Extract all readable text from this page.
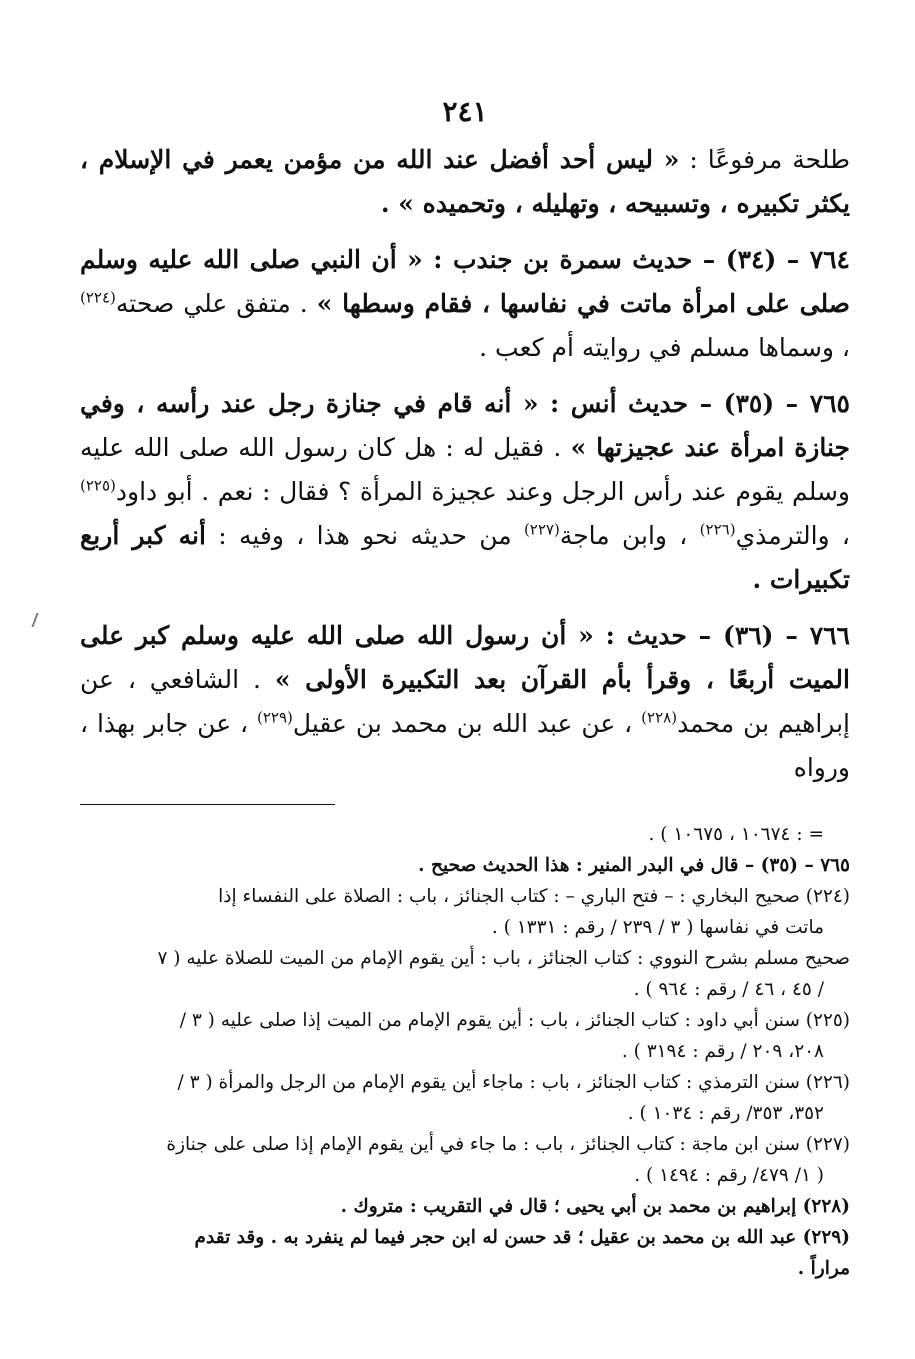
٢٤١

طلحة مرفوعًا : « ليس أحد أفضل عند الله من مؤمن يعمر في الإسلام ، يكثر تكبيره ، وتسبيحه ، وتهليله ، وتحميده » .

٧٦٤ – (٣٤) – حديث سمرة بن جندب : « أن النبي صلى الله عليه وسلم صلى على امرأة ماتت في نفاسها ، فقام وسطها » . متفق علي صحته$^{(٢٢٤)}$ ، وسماها مسلم في روايته أم كعب .

٧٦٥ – (٣٥) – حديث أنس : « أنه قام في جنازة رجل عند رأسه ، وفي جنازة امرأة عند عجيزتها » . فقيل له : هل كان رسول الله صلى الله عليه وسلم يقوم عند رأس الرجل وعند عجيزة المرأة ؟ فقال : نعم . أبو داود$^{(٢٢٥)}$ ، والترمذي$^{(٢٢٦)}$ ، وابن ماجة$^{(٢٢٧)}$ من حديثه نحو هذا ، وفيه : أنه كبر أربع تكبيرات .

٧٦٦ – (٣٦) – حديث : « أن رسول الله صلى الله عليه وسلم كبر على الميت أربعًا ، وقرأ بأم القرآن بعد التكبيرة الأولى » . الشافعي ، عن إبراهيم بن محمد$^{(٢٢٨)}$ ، عن عبد الله بن محمد بن عقيل$^{(٢٢٩)}$ ، عن جابر بهذا ، ورواه

= : ١٠٦٧٤ ، ١٠٦٧٥ ) .

٧٦٥ – (٣٥) – قال في البدر المنير : هذا الحديث صحيح .

(٢٢٤) صحيح البخاري : – فتح الباري – : كتاب الجنائز ، باب : الصلاة على النفساء إذا
ماتت في نفاسها ( ٣ / ٢٣٩ / رقم : ١٣٣١ ) .

صحيح مسلم بشرح النووي : كتاب الجنائز ، باب : أين يقوم الإمام من الميت للصلاة عليه ( ٧
/ ٤٥ ، ٤٦ / رقم : ٩٦٤ ) .

(٢٢٥) سنن أبي داود : كتاب الجنائز ، باب : أين يقوم الإمام من الميت إذا صلى عليه ( ٣ /
٢٠٨، ٢٠٩ / رقم : ٣١٩٤ ) .

(٢٢٦) سنن الترمذي : كتاب الجنائز ، باب : ماجاء أين يقوم الإمام من الرجل والمرأة ( ٣ /
٣٥٢، ٣٥٣/ رقم : ١٠٣٤ ) .

(٢٢٧) سنن ابن ماجة : كتاب الجنائز ، باب : ما جاء في أين يقوم الإمام إذا صلى على جنازة
( ١/ ٤٧٩/ رقم : ١٤٩٤ ) .

(٢٢٨) إبراهيم بن محمد بن أبي يحيى ؛ قال في التقريب : متروك .

(٢٢٩) عبد الله بن محمد بن عقيل ؛ قد حسن له ابن حجر فيما لم ينفرد به . وقد تقدم
مراراً .
